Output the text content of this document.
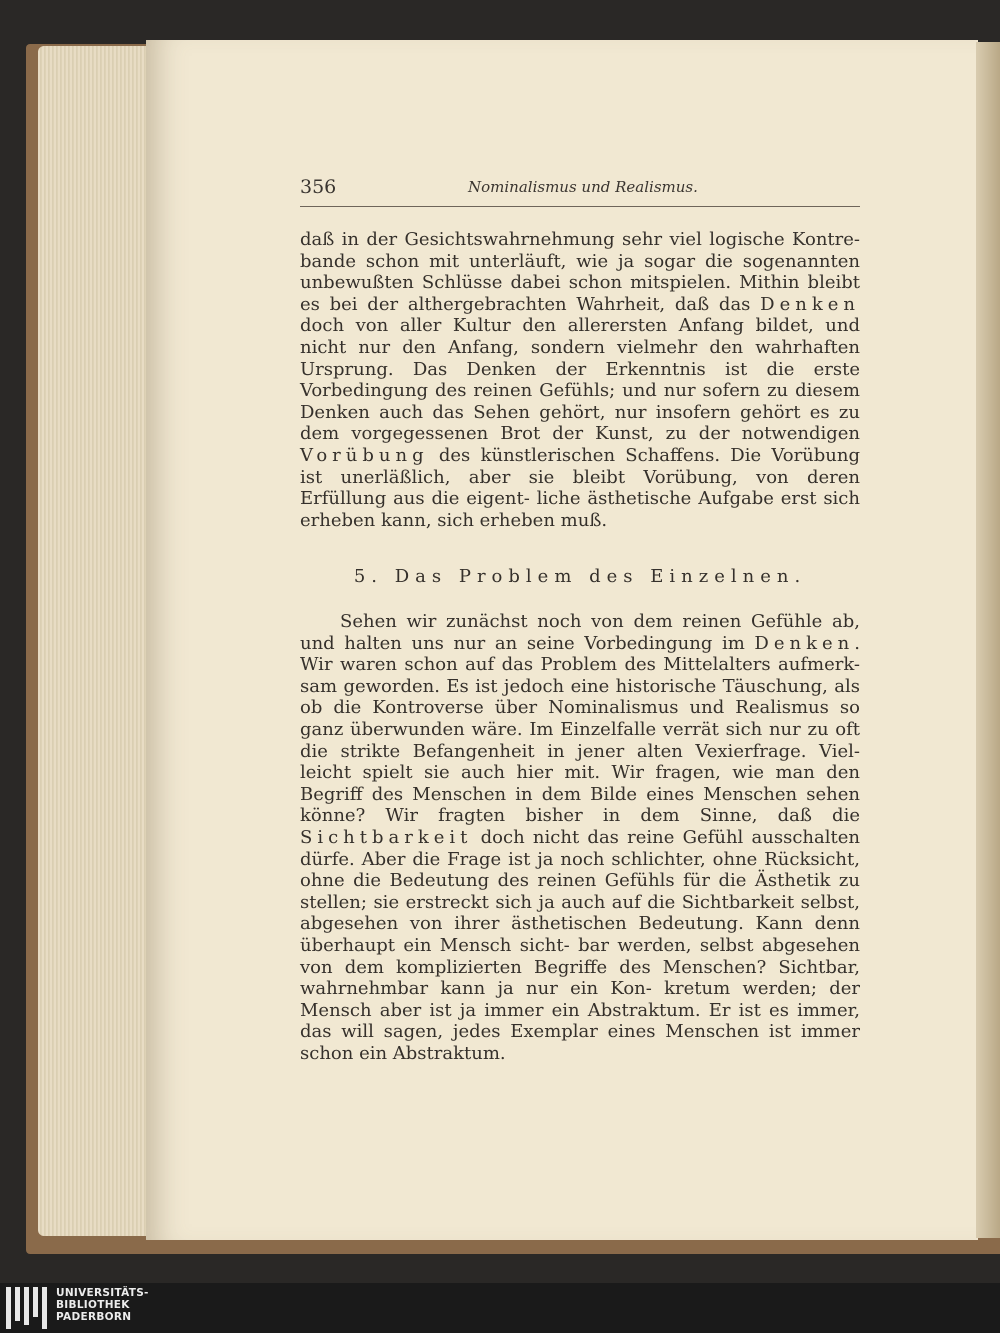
356	Nominalismus und Realismus.
daß in der Gesichtswahrnehmung sehr viel logische Kontre- bande schon mit unterläuft, wie ja sogar die sogenannten unbewußten Schlüsse dabei schon mitspielen. Mithin bleibt es bei der althergebrachten Wahrheit, daß das Denken doch von aller Kultur den allerersten Anfang bildet, und nicht nur den Anfang, sondern vielmehr den wahrhaften Ursprung. Das Denken der Erkenntnis ist die erste Vorbedingung des reinen Gefühls; und nur sofern zu diesem Denken auch das Sehen gehört, nur insofern gehört es zu dem vorgegessenen Brot der Kunst, zu der notwendigen Vorübung des künstlerischen Schaffens. Die Vorübung ist unerläßlich, aber sie bleibt Vorübung, von deren Erfüllung aus die eigent- liche ästhetische Aufgabe erst sich erheben kann, sich erheben muß.
5. Das Problem des Einzelnen.
Sehen wir zunächst noch von dem reinen Gefühle ab, und halten uns nur an seine Vorbedingung im Denken. Wir waren schon auf das Problem des Mittelalters aufmerk- sam geworden. Es ist jedoch eine historische Täuschung, als ob die Kontroverse über Nominalismus und Realismus so ganz überwunden wäre. Im Einzelfalle verrät sich nur zu oft die strikte Befangenheit in jener alten Vexierfrage. Viel- leicht spielt sie auch hier mit. Wir fragen, wie man den Begriff des Menschen in dem Bilde eines Menschen sehen könne? Wir fragten bisher in dem Sinne, daß die Sichtbarkeit doch nicht das reine Gefühl ausschalten dürfe. Aber die Frage ist ja noch schlichter, ohne Rücksicht, ohne die Bedeutung des reinen Gefühls für die Ästhetik zu stellen; sie erstreckt sich ja auch auf die Sichtbarkeit selbst, abgesehen von ihrer ästhetischen Bedeutung. Kann denn überhaupt ein Mensch sicht- bar werden, selbst abgesehen von dem komplizierten Begriffe des Menschen? Sichtbar, wahrnehmbar kann ja nur ein Kon- kretum werden; der Mensch aber ist ja immer ein Abstraktum. Er ist es immer, das will sagen, jedes Exemplar eines Menschen ist immer schon ein Abstraktum.
UNIVERSITÄTS-
BIBLIOTHEK
PADERBORN
